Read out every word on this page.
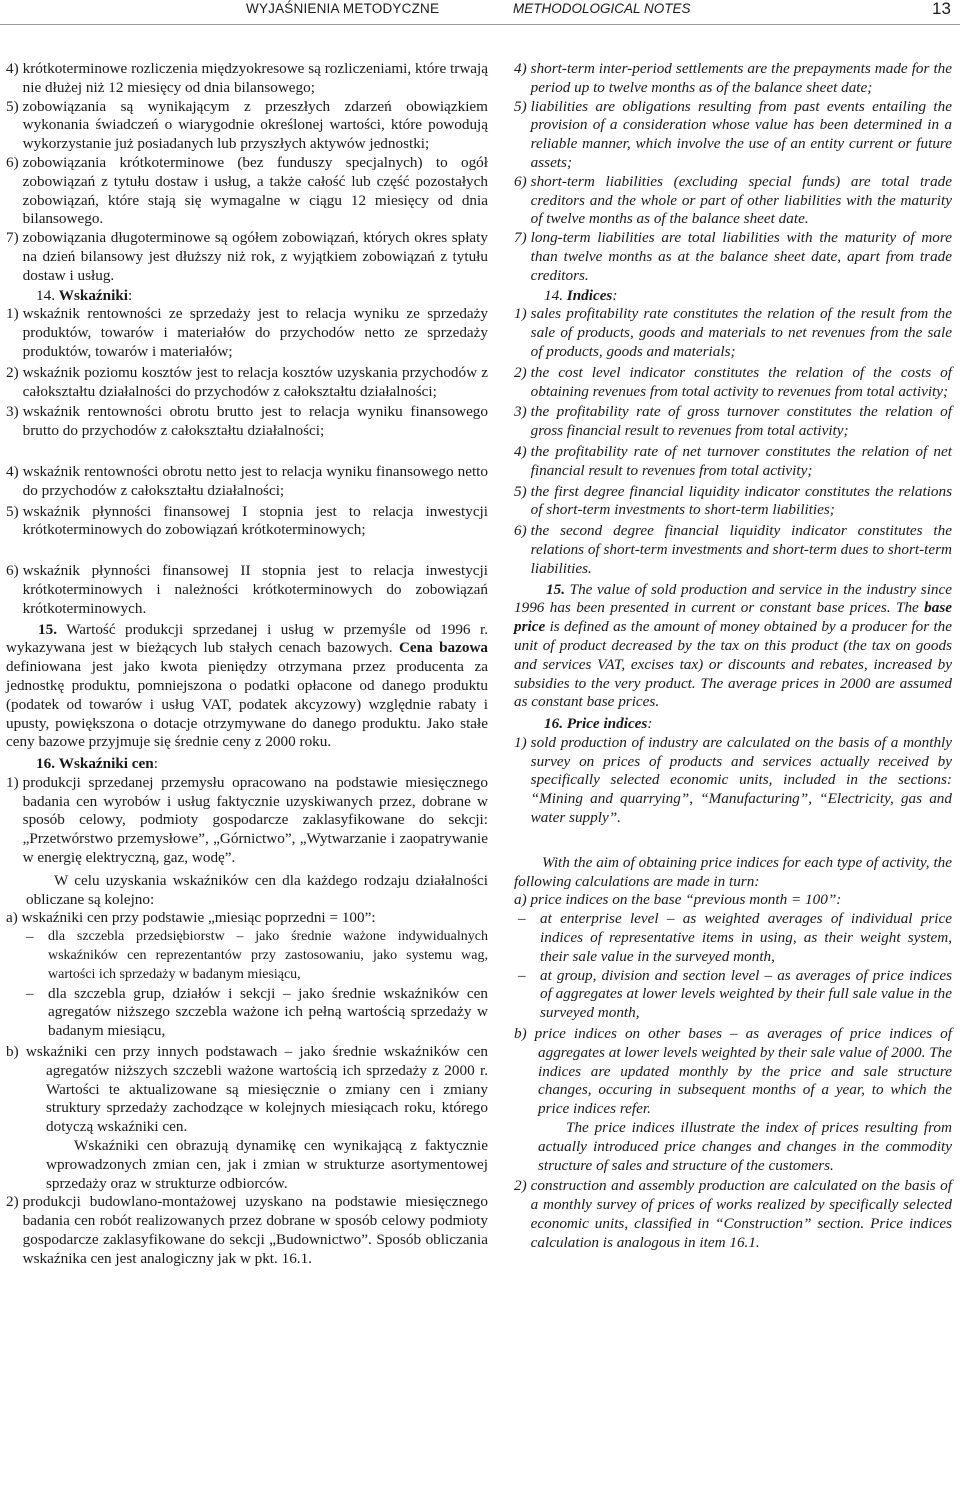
WYJAŚNIENIA METODYCZNE	METHODOLOGICAL NOTES	13
4) krótkoterminowe rozliczenia międzyokresowe są rozliczeniami, które trwają nie dłużej niż 12 miesięcy od dnia bilansowego;
5) zobowiązania są wynikającym z przeszłych zdarzeń obowiązkiem wykonania świadczeń o wiarygodnie określonej wartości, które powodują wykorzystanie już posiadanych lub przyszłych aktywów jednostki;
6) zobowiązania krótkoterminowe (bez funduszy specjalnych) to ogół zobowiązań z tytułu dostaw i usług, a także całość lub część pozostałych zobowiązań, które stają się wymagalne w ciągu 12 miesięcy od dnia bilansowego.
7) zobowiązania długoterminowe są ogółem zobowiązań, których okres spłaty na dzień bilansowy jest dłuższy niż rok, z wyjątkiem zobowiązań z tytułu dostaw i usług.
14. Wskaźniki:
1) wskaźnik rentowności ze sprzedaży jest to relacja wyniku ze sprzedaży produktów, towarów i materiałów do przychodów netto ze sprzedaży produktów, towarów i materiałów;
2) wskaźnik poziomu kosztów jest to relacja kosztów uzyskania przychodów z całokształtu działalności do przychodów z całokształtu działalności;
3) wskaźnik rentowności obrotu brutto jest to relacja wyniku finansowego brutto do przychodów z całokształtu działalności;
4) wskaźnik rentowności obrotu netto jest to relacja wyniku finansowego netto do przychodów z całokształtu działalności;
5) wskaźnik płynności finansowej I stopnia jest to relacja inwestycji krótkoterminowych do zobowiązań krótkoterminowych;
6) wskaźnik płynności finansowej II stopnia jest to relacja inwestycji krótkoterminowych i należności krótkoterminowych do zobowiązań krótkoterminowych.
15. Wartość produkcji sprzedanej i usług w przemyśle od 1996 r. wykazywana jest w bieżących lub stałych cenach bazowych. Cena bazowa definiowana jest jako kwota pieniędzy otrzymana przez producenta za jednostkę produktu, pomniejszona o podatki opłacone od danego produktu (podatek od towarów i usług VAT, podatek akcyzowy) względnie rabaty i upusty, powiększona o dotacje otrzymywane do danego produktu. Jako stałe ceny bazowe przyjmuje się średnie ceny z 2000 roku.
16. Wskaźniki cen:
1) produkcji sprzedanej przemysłu opracowano na podstawie miesięcznego badania cen wyrobów i usług faktycznie uzyskiwanych przez, dobrane w sposób celowy, podmioty gospodarcze zaklasyfikowane do sekcji: „Przetwórstwo przemysłowe”, „Górnictwo”, „Wytwarzanie i zaopatrywanie w energię elektryczną, gaz, wodę”.
W celu uzyskania wskaźników cen dla każdego rodzaju działalności obliczane są kolejno:
a) wskaźniki cen przy podstawie „miesiąc poprzedni = 100”:
–	dla szczebla przedsiębiorstw – jako średnie ważone indywidualnych wskaźników cen reprezentantów przy zastosowaniu, jako systemu wag, wartości ich sprzedaży w badanym miesiącu,
– dla szczebla grup, działów i sekcji – jako średnie wskaźników cen agregatów niższego szczebla ważone ich pełną wartością sprzedaży w badanym miesiącu,
b) wskaźniki cen przy innych podstawach – jako średnie wskaźników cen agregatów niższych szczebli ważone wartością ich sprzedaży z 2000 r. Wartości te aktualizowane są miesięcznie o zmiany cen i zmiany struktury sprzedaży zachodzące w kolejnych miesiącach roku, którego dotyczą wskaźniki cen.
Wskaźniki cen obrazują dynamikę cen wynikającą z faktycznie wprowadzonych zmian cen, jak i zmian w strukturze asortymentowej sprzedaży oraz w strukturze odbiorców.
2) produkcji budowlano-montażowej uzyskano na podstawie miesięcznego badania cen robót realizowanych przez dobrane w sposób celowy podmioty gospodarcze zaklasyfikowane do sekcji „Budownictwo”. Sposób obliczania wskaźnika cen jest analogiczny jak w pkt. 16.1.
4) short-term inter-period settlements are the prepayments made for the period up to twelve months as of the balance sheet date;
5) liabilities are obligations resulting from past events entailing the provision of a consideration whose value has been determined in a reliable manner, which involve the use of an entity current or future assets;
6) short-term liabilities (excluding special funds) are total trade creditors and the whole or part of other liabilities with the maturity of twelve months as of the balance sheet date.
7) long-term liabilities are total liabilities with the maturity of more than twelve months as at the balance sheet date, apart from trade creditors.
14. Indices:
1) sales profitability rate constitutes the relation of the result from the sale of products, goods and materials to net revenues from the sale of products, goods and materials;
2) the cost level indicator constitutes the relation of the costs of obtaining revenues from total activity to revenues from total activity;
3) the profitability rate of gross turnover constitutes the relation of gross financial result to revenues from total activity;
4) the profitability rate of net turnover constitutes the relation of net financial result to revenues from total activity;
5) the first degree financial liquidity indicator constitutes the relations of short-term investments to short-term liabilities;
6) the second degree financial liquidity indicator constitutes the relations of short-term investments and short-term dues to short-term liabilities.
15. The value of sold production and service in the industry since 1996 has been presented in current or constant base prices. The base price is defined as the amount of money obtained by a producer for the unit of product decreased by the tax on this product (the tax on goods and services VAT, excises tax) or discounts and rebates, increased by subsidies to the very product. The average prices in 2000 are assumed as constant base prices.
16. Price indices:
1) sold production of industry are calculated on the basis of a monthly survey on prices of products and services actually received by specifically selected economic units, included in the sections: “Mining and quarrying”, “Manufacturing”, “Electricity, gas and water supply”.
With the aim of obtaining price indices for each type of activity, the following calculations are made in turn:
a) price indices on the base “previous month = 100”:
– at enterprise level – as weighted averages of individual price indices of representative items in using, as their weight system, their sale value in the surveyed month,
– at group, division and section level – as averages of price indices of aggregates at lower levels weighted by their full sale value in the surveyed month,
b) price indices on other bases – as averages of price indices of aggregates at lower levels weighted by their sale value of 2000. The indices are updated monthly by the price and sale structure changes, occuring in subsequent months of a year, to which the price indices refer.
The price indices illustrate the index of prices resulting from actually introduced price changes and changes in the commodity structure of sales and structure of the customers.
2) construction and assembly production are calculated on the basis of a monthly survey of prices of works realized by specifically selected economic units, classified in “Construction” section. Price indices calculation is analogous in item 16.1.
